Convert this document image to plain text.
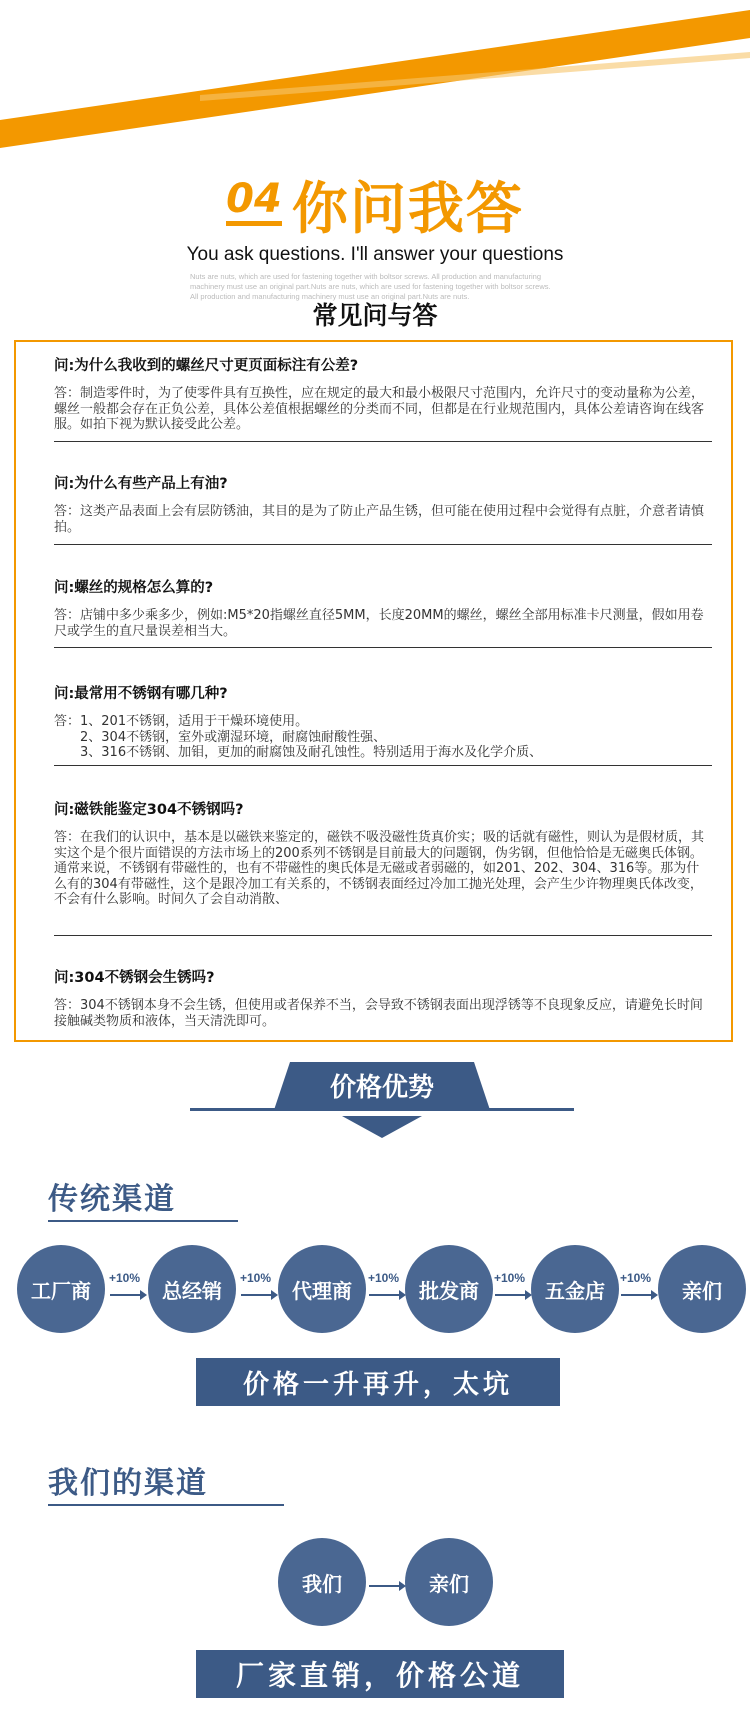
04 你问我答
You ask questions. I'll answer your questions
Nuts are nuts, which are used for fastening together with boltsor screws. All production and manufacturing machinery must use an original part.Nuts are nuts, which are used for fastening together with boltsor screws. All production and manufacturing machinery must use an original part.Nuts are nuts.
常见问与答
问:为什么我收到的螺丝尺寸更页面标注有公差?
答：制造零件时，为了使零件具有互换性，应在规定的最大和最小极限尺寸范围内，允许尺寸的变动量称为公差，螺丝一般都会存在正负公差，具体公差值根据螺丝的分类而不同，但都是在行业规范围内，具体公差请咨询在线客服。如拍下视为默认接受此公差。
问:为什么有些产品上有油?
答：这类产品表面上会有层防锈油，其目的是为了防止产品生锈，但可能在使用过程中会觉得有点脏，介意者请慎拍。
问:螺丝的规格怎么算的?
答：店铺中多少乘多少，例如:M5*20指螺丝直径5MM，长度20MM的螺丝，螺丝全部用标准卡尺测量，假如用卷尺或学生的直尺量误差相当大。
问:最常用不锈钢有哪几种?
答：1、201不锈钢，适用于干燥环境使用。
2、304不锈钢，室外或潮湿环境，耐腐蚀耐酸性强、
3、316不锈钢、加钼，更加的耐腐蚀及耐孔蚀性。特别适用于海水及化学介质、
问:磁铁能鉴定304不锈钢吗?
答：在我们的认识中，基本是以磁铁来鉴定的，磁铁不吸没磁性货真价实；吸的话就有磁性，则认为是假材质，其实这个是个很片面错误的方法市场上的200系列不锈钢是目前最大的问题钢，伪劣钢，但他恰恰是无磁奥氏体钢。通常来说，不锈钢有带磁性的，也有不带磁性的奥氏体是无磁或者弱磁的，如201、202、304、316等。那为什么有的304有带磁性，这个是跟冷加工有关系的，不锈钢表面经过冷加工抛光处理，会产生少许物理奥氏体改变，不会有什么影响。时间久了会自动消散、
问:304不锈钢会生锈吗?
答：304不锈钢本身不会生锈，但使用或者保养不当，会导致不锈钢表面出现浮锈等不良现象反应，请避免长时间接触碱类物质和液体，当天清洗即可。
价格优势
传统渠道
工厂商	总经销	代理商	批发商	五金店	亲们
+10%	+10%	+10%	+10%	+10%
价格一升再升，太坑
我们的渠道
我们	亲们
厂家直销，价格公道
